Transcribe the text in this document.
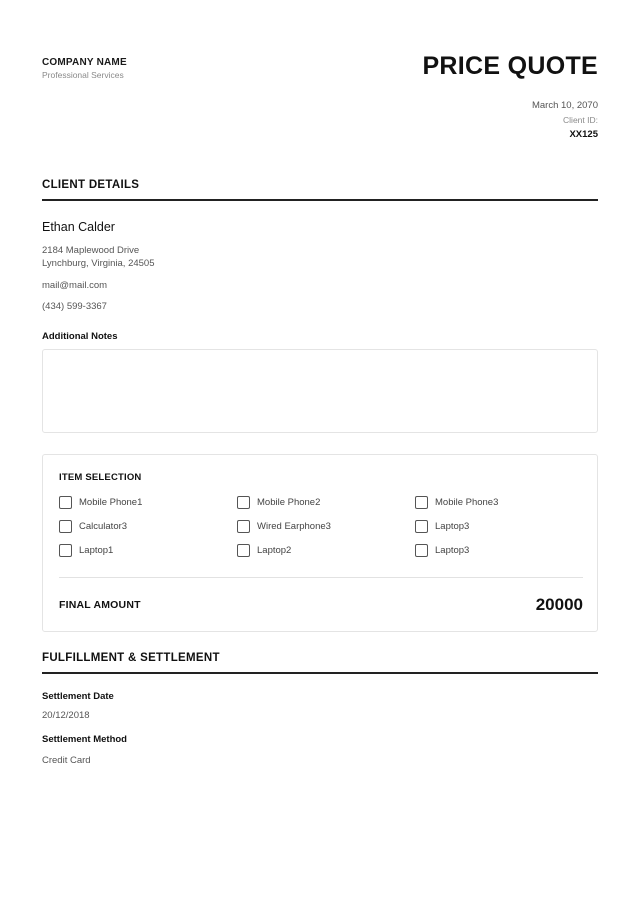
COMPANY NAME
Professional Services	PRICE QUOTE
March 10, 2070
Client ID:
XX125
CLIENT DETAILS
Ethan Calder
2184 Maplewood Drive
Lynchburg, Virginia, 24505
mail@mail.com
(434) 599-3367
Additional Notes
ITEM SELECTION
Mobile Phone1	Mobile Phone2	Mobile Phone3
Calculator3	Wired Earphone3	Laptop3
Laptop1	Laptop2	Laptop3
FINAL AMOUNT	20000
FULFILLMENT & SETTLEMENT
Settlement Date
20/12/2018
Settlement Method
Credit Card
